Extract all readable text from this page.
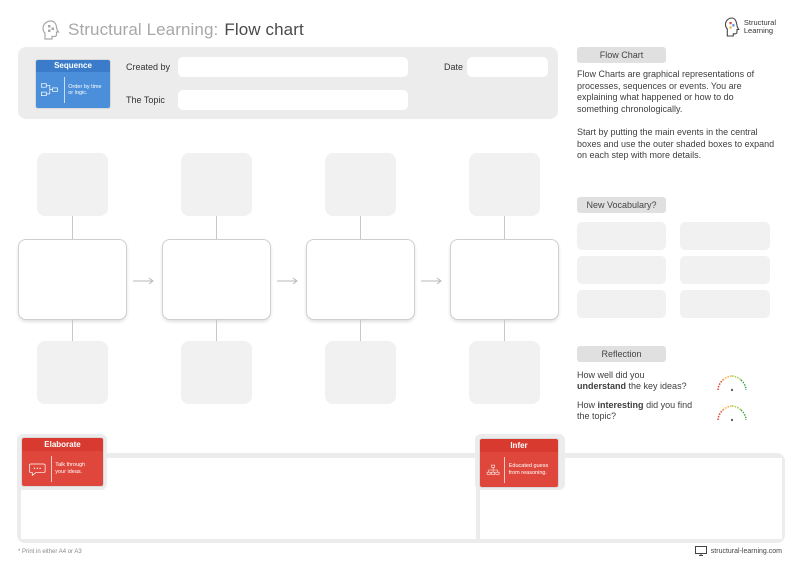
Structural Learning: Flow chart	Structural
Learning
Sequence
Order by time or logic.
Created by	Date
The Topic
Flow Chart
Flow Charts are graphical representations of processes, sequences or events. You are explaining what happened or how to do something chronologically.
Start by putting the main events in the central boxes and use the outer shaded boxes to expand on each step with more details.
New Vocabulary?
Reflection
How well did you
understand the key ideas?
How interesting did you find the topic?
Elaborate
Talk through your ideas.
Infer
Educated guess from reasoning.
* Print in either A4 or A3	structural-learning.com
